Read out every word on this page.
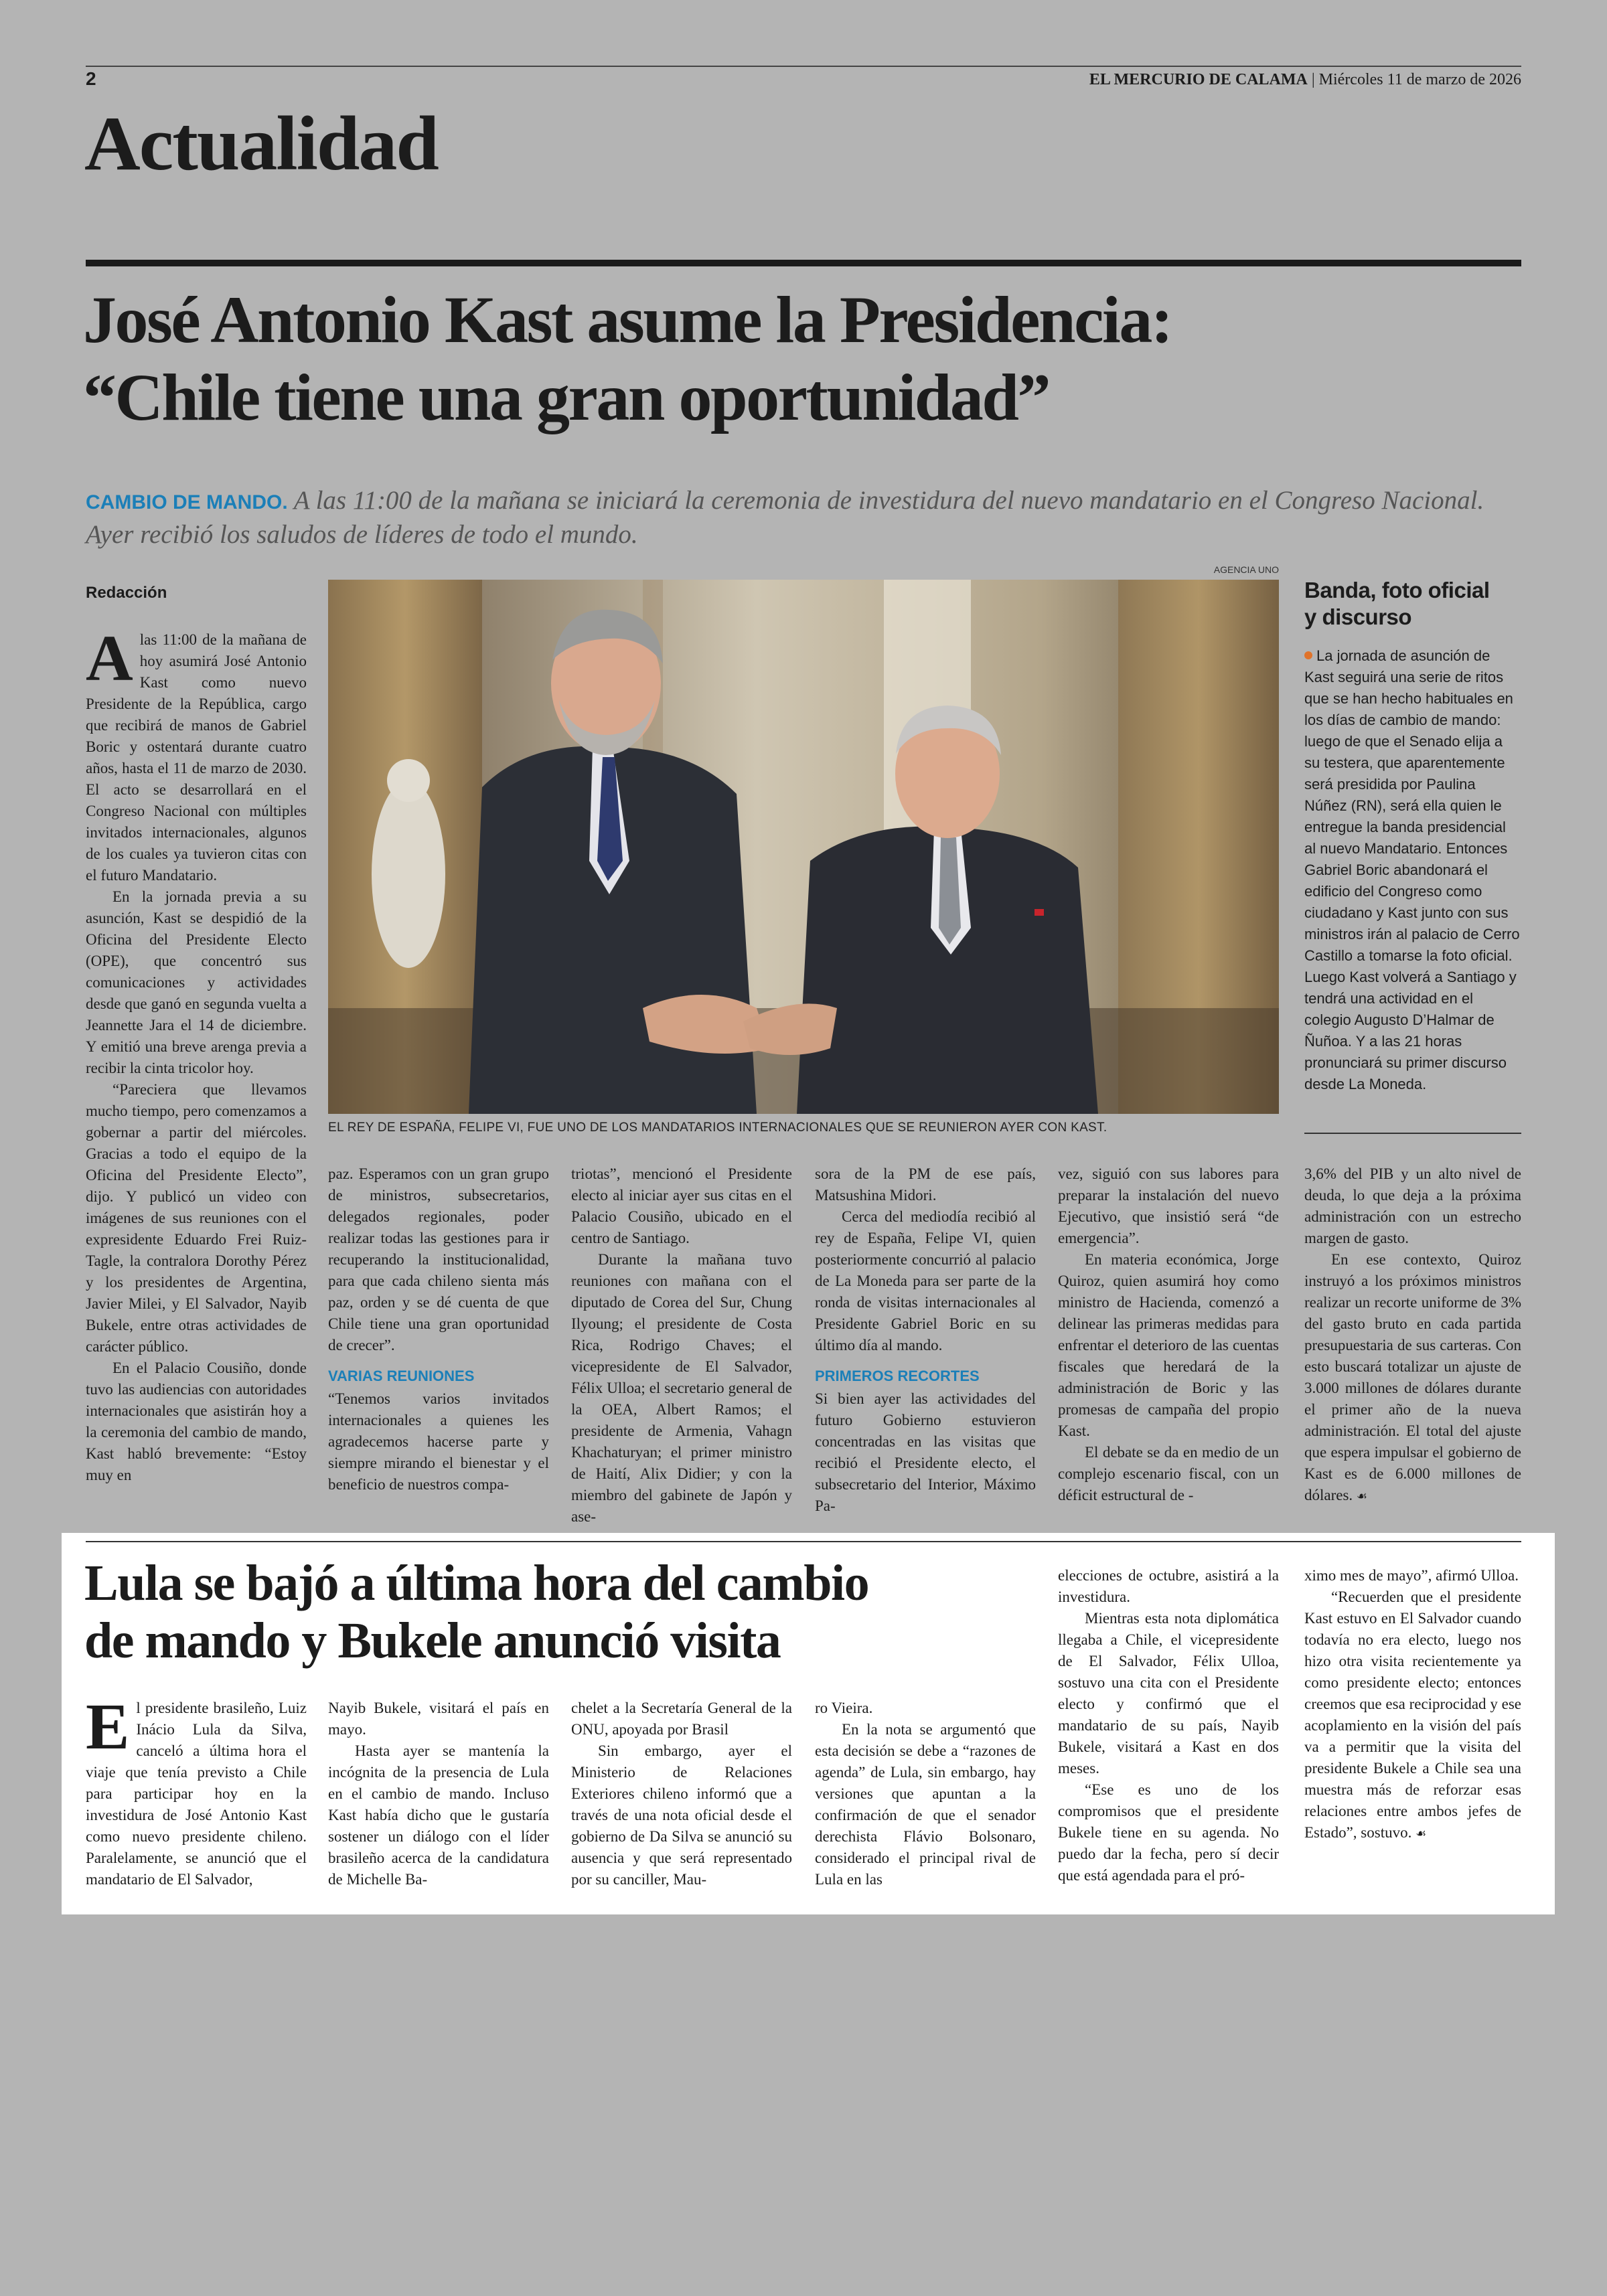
2	EL MERCURIO DE CALAMA | Miércoles 11 de marzo de 2026
Actualidad
José Antonio Kast asume la Presidencia:
“Chile tiene una gran oportunidad”
CAMBIO DE MANDO. A las 11:00 de la mañana se iniciará la ceremonia de investidura del nuevo mandatario en el Congreso Nacional. Ayer recibió los saludos de líderes de todo el mundo.
AGENCIA UNO
EL REY DE ESPAÑA, FELIPE VI, FUE UNO DE LOS MANDATARIOS INTERNACIONALES QUE SE REUNIERON AYER CON KAST.
Redacción
A las 11:00 de la mañana de hoy asumirá José Antonio Kast como nuevo Presidente de la República, cargo que recibirá de manos de Gabriel Boric y ostentará durante cuatro años, hasta el 11 de marzo de 2030. El acto se desarrollará en el Congreso Nacional con múltiples invitados internacionales, algunos de los cuales ya tuvieron citas con el futuro Mandatario.

En la jornada previa a su asunción, Kast se despidió de la Oficina del Presidente Electo (OPE), que concentró sus comunicaciones y actividades desde que ganó en segunda vuelta a Jeannette Jara el 14 de diciembre. Y emitió una breve arenga previa a recibir la cinta tricolor hoy.

“Pareciera que llevamos mucho tiempo, pero comenzamos a gobernar a partir del miércoles. Gracias a todo el equipo de la Oficina del Presidente Electo”, dijo. Y publicó un video con imágenes de sus reuniones con el expresidente Eduardo Frei Ruiz-Tagle, la contralora Dorothy Pérez y los presidentes de Argentina, Javier Milei, y El Salvador, Nayib Bukele, entre otras actividades de carácter público.

En el Palacio Cousiño, donde tuvo las audiencias con autoridades internacionales que asistirán hoy a la ceremonia del cambio de mando, Kast habló brevemente: “Estoy muy en

paz. Esperamos con un gran grupo de ministros, subsecretarios, delegados regionales, poder realizar todas las gestiones para ir recuperando la institucionalidad, para que cada chileno sienta más paz, orden y se dé cuenta de que Chile tiene una gran oportunidad de crecer”.

VARIAS REUNIONES

“Tenemos varios invitados internacionales a quienes les agradecemos hacerse parte y siempre mirando el bienestar y el beneficio de nuestros compa-

triotas”, mencionó el Presidente electo al iniciar ayer sus citas en el Palacio Cousiño, ubicado en el centro de Santiago.

Durante la mañana tuvo reuniones con mañana con el diputado de Corea del Sur, Chung Ilyoung; el presidente de Costa Rica, Rodrigo Chaves; el vicepresidente de El Salvador, Félix Ulloa; el secretario general de la OEA, Albert Ramos; el presidente de Armenia, Vahagn Khachaturyan; el primer ministro de Haití, Alix Didier; y con la miembro del gabinete de Japón y ase-

sora de la PM de ese país, Matsushina Midori.

Cerca del mediodía recibió al rey de España, Felipe VI, quien posteriormente concurrió al palacio de La Moneda para ser parte de la ronda de visitas internacionales al Presidente Gabriel Boric en su último día al mando.

PRIMEROS RECORTES

Si bien ayer las actividades del futuro Gobierno estuvieron concentradas en las visitas que recibió el Presidente electo, el subsecretario del Interior, Máximo Pa-

vez, siguió con sus labores para preparar la instalación del nuevo Ejecutivo, que insistió será “de emergencia”.

En materia económica, Jorge Quiroz, quien asumirá hoy como ministro de Hacienda, comenzó a delinear las primeras medidas para enfrentar el deterioro de las cuentas fiscales que heredará de la administración de Boric y las promesas de campaña del propio Kast.

El debate se da en medio de un complejo escenario fiscal, con un déficit estructural de -

3,6% del PIB y un alto nivel de deuda, lo que deja a la próxima administración con un estrecho margen de gasto.

En ese contexto, Quiroz instruyó a los próximos ministros realizar un recorte uniforme de 3% del gasto bruto en cada partida presupuestaria de sus carteras. Con esto buscará totalizar un ajuste de 3.000 millones de dólares durante el primer año de la nueva administración. El total del ajuste que espera impulsar el gobierno de Kast es de 6.000 millones de dólares. ☙

Banda, foto oficial
y discurso
La jornada de asunción de Kast seguirá una serie de ritos que se han hecho habituales en los días de cambio de mando: luego de que el Senado elija a su testera, que aparentemente será presidida por Paulina Núñez (RN), será ella quien le entregue la banda presidencial al nuevo Mandatario. Entonces Gabriel Boric abandonará el edificio del Congreso como ciudadano y Kast junto con sus ministros irán al palacio de Cerro Castillo a tomarse la foto oficial. Luego Kast volverá a Santiago y tendrá una actividad en el colegio Augusto D’Halmar de Ñuñoa. Y a las 21 horas pronunciará su primer discurso desde La Moneda.
Lula se bajó a última hora del cambio
de mando y Bukele anunció visita
E l presidente brasileño, Luiz Inácio Lula da Silva, canceló a última hora el viaje que tenía previsto a Chile para participar hoy en la investidura de José Antonio Kast como nuevo presidente chileno. Paralelamente, se anunció que el mandatario de El Salvador,

Nayib Bukele, visitará el país en mayo.

Hasta ayer se mantenía la incógnita de la presencia de Lula en el cambio de mando. Incluso Kast había dicho que le gustaría sostener un diálogo con el líder brasileño acerca de la candidatura de Michelle Ba-

chelet a la Secretaría General de la ONU, apoyada por Brasil

Sin embargo, ayer el Ministerio de Relaciones Exteriores chileno informó que a través de una nota oficial desde el gobierno de Da Silva se anunció su ausencia y que será representado por su canciller, Mau-

ro Vieira.

En la nota se argumentó que esta decisión se debe a “razones de agenda” de Lula, sin embargo, hay versiones que apuntan a la confirmación de que el senador derechista Flávio Bolsonaro, considerado el principal rival de Lula en las

elecciones de octubre, asistirá a la investidura.

Mientras esta nota diplomática llegaba a Chile, el vicepresidente de El Salvador, Félix Ulloa, sostuvo una cita con el Presidente electo y confirmó que el mandatario de su país, Nayib Bukele, visitará a Kast en dos meses.

“Ese es uno de los compromisos que el presidente Bukele tiene en su agenda. No puedo dar la fecha, pero sí decir que está agendada para el pró-

ximo mes de mayo”, afirmó Ulloa.

“Recuerden que el presidente Kast estuvo en El Salvador cuando todavía no era electo, luego nos hizo otra visita recientemente ya como presidente electo; entonces creemos que esa reciprocidad y ese acoplamiento en la visión del país va a permitir que la visita del presidente Bukele a Chile sea una muestra más de reforzar esas relaciones entre ambos jefes de Estado”, sostuvo. ☙
